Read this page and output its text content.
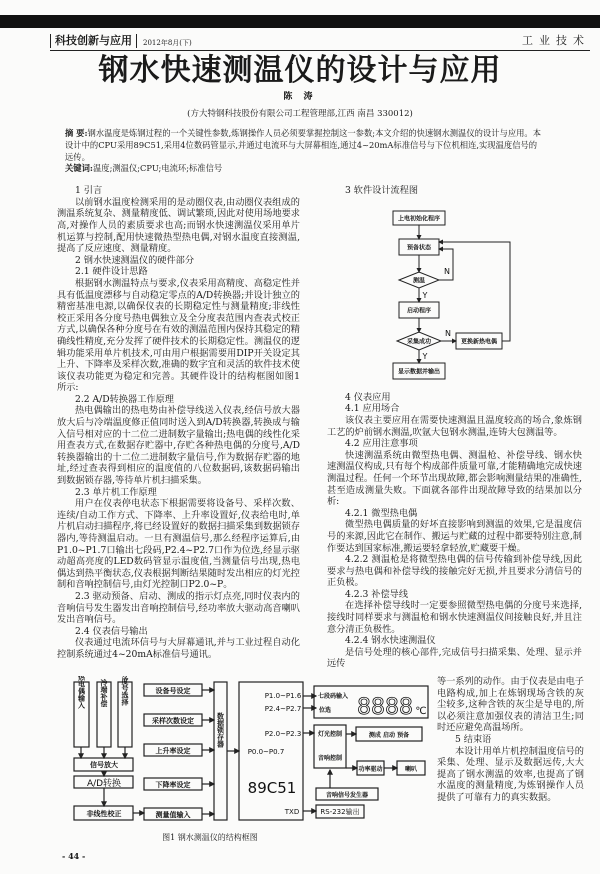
科技创新与应用	2012年8月(下)	工业技术
钢水快速测温仪的设计与应用
陈 涛
(方大特钢科技股份有限公司工程管理部,江西 南昌 330012)
摘 要:钢水温度是炼钢过程的一个关键性参数,炼钢操作人员必须要掌握控制这一参数;本文介绍的快速钢水测温仪的设计与应用。本设计中的CPU采用89C51,采用4位数码管显示,并通过电流环与大屏幕相连,通过4~20mA标准信号与下位机相连,实现温度信号的远传。
关键词:温度;测温仪;CPU;电流环;标准信号
1 引言
以前钢水温度检测采用的是动圈仪表,由动圈仪表组成的测温系统复杂、测量精度低、调试繁琐,因此对使用场地要求高,对操作人员的素质要求也高;而钢水快速测温仪采用单片机运算与控制,配用快速微热型热电偶,对钢水温度直接测温,提高了反应速度、测量精度。
2 钢水快速测温仪的硬件部分
2.1 硬件设计思路
根据钢水测温特点与要求,仪表采用高精度、高稳定性并具有低温度漂移与自动稳定零点的A/D转换器;并设计独立的精密基准电源,以确保仪表的长期稳定性与测量精度;非线性校正采用各分度号热电偶独立及全分度表范围内查表式校正方式,以确保各种分度号在有效的测温范围内保持其稳定的精确线性精度,充分发挥了硬件技术的长期稳定性。测温仪的逻辑功能采用单片机技术,可由用户根据需要用DIP开关设定其上升、下降率及采样次数,准确的数字宜和灵活的软件技术使该仪表功能更为稳定和完善。其硬件设计的结构框图如图1所示:
2.2 A/D转换器工作原理
热电偶输出的热电势由补偿导线送入仪表,经信号放大器放大后与冷端温度修正值同时送入到A/D转换器,转换成与输入信号相对应的十二位二进制数字量输出;热电偶的线性化采用查表方式,在数据存贮器中,存贮各种热电偶的分度号,A/D转换器输出的十二位二进制数字量信号,作为数据存贮器的地址,经过查表得到相应的温度值的八位数据码,该数据码输出到数据锁存器,等待单片机扫描采集。
2.3 单片机工作原理
用户在仪表停电状态下根据需要将设备号、采样次数、连续/自动工作方式、下降率、上升率设置好,仪表给电时,单片机启动扫描程序,将已经设置好的数据扫描采集到数据锁存器内,等待测温启动。一旦有测温信号,那么经程序运算后,由P1.0~P1.7口输出七段码,P2.4~P2.7口作为位选,经显示驱动超高亮度的LED数码管显示温度值,当测量信号出现,热电偶达到热平衡状态,仪表根据判断结果随时发出相应的灯光控制和音响控制信号,由灯光控制口P2.0~P。
2.3 驱动预备、启动、测成的指示灯点亮,同时仪表内的音响信号发生器发出音响控制信号,经功率放大驱动高音喇叭发出音响信号。
2.4 仪表信号输出
仪表通过电流环信号与大屏幕通讯,并与工业过程自动化控制系统通过4~20mA标准信号通讯。
3 软件设计流程图
上电初始化程序
预备状态
测温
启动程序
采集成功	更换新热电偶
显示数据并输出
N
Y
N
Y
4 仪表应用
4.1 应用场合
该仪表主要应用在需要快速测温且温度较高的场合,象炼钢工艺的炉前钢水测温,吹氩大包钢水测温,连铸大包测温等。
4.2 应用注意事项
快速测温系统由微型热电偶、测温枪、补偿导线、钢水快速测温仪构成,只有每个构成部件质量可靠,才能精确地完成快速测温过程。任何一个环节出现故障,都会影响测量结果的准确性,甚至造成测量失败。下面就各部件出现故障导致的结果加以分析:
4.2.1 微型热电偶
微型热电偶质量的好坏直接影响到测温的效果,它是温度信号的来源,因此它在制作、搬运与贮藏的过程中都要特别注意,制作要达到国家标准,搬运要轻拿轻放,贮藏要干燥。
4.2.2 测温枪是将微型热电偶的信号传输到补偿导线,因此要求与热电偶和补偿导线的接触完好无损,并且要求分清信号的正负极。
4.2.3 补偿导线
在选择补偿导线时一定要参照微型热电偶的分度号来选择,接线时同样要求与测温枪和钢水快速测温仪间接触良好,并且注意分清正负极性。
4.2.4 钢水快速测温仪
是信号处理的核心部件,完成信号扫描采集、处理、显示并远传
热电偶输入 冷端补偿 分度号选择
信号放大
A/D转换
非线性校正
设备号设定
采样次数设定
上升率设定
下降率设定
测量值输入
数据锁存器
89C51
P0.0~P0.7
P1.0~P1.6
P2.4~P2.7
P2.0~P2.3
TXD
七段码输入
位选 8888 ℃
灯光控制
音响控制
测成 启动 预备
功率驱动	喇叭
音响信号发生器
RS-232输出
等一系列的动作。由于仪表是由电子电路构成,加上在炼钢现场含铁的灰尘较多,这种含铁的灰尘是导电的,所以必须注意加强仪表的清洁卫生;同时还应避免高温场所。
5 结束语
本设计用单片机控制温度信号的采集、处理、显示及数据远传,大大提高了钢水测温的效率,也提高了钢水温度的测量精度,为炼钢操作人员提供了可靠有力的真实数据。
图1 钢水测温仪的结构框图
- 44 -
